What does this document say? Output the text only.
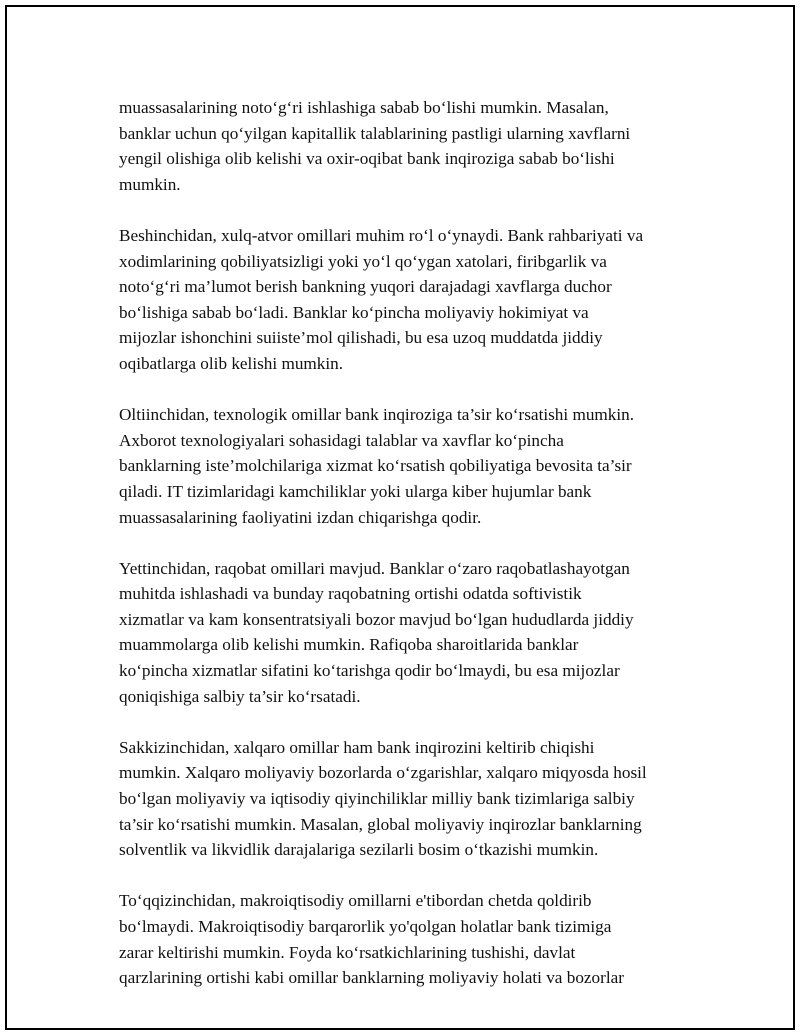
muassasalarining noto‘g‘ri ishlashiga sabab bo‘lishi mumkin. Masalan,
banklar uchun qo‘yilgan kapitallik talablarining pastligi ularning xavflarni
yengil olishiga olib kelishi va oxir-oqibat bank inqiroziga sabab bo‘lishi
mumkin.

Beshinchidan, xulq-atvor omillari muhim ro‘l o‘ynaydi. Bank rahbariyati va
xodimlarining qobiliyatsizligi yoki yo‘l qo‘ygan xatolari, firibgarlik va
noto‘g‘ri ma’lumot berish bankning yuqori darajadagi xavflarga duchor
bo‘lishiga sabab bo‘ladi. Banklar ko‘pincha moliyaviy hokimiyat va
mijozlar ishonchini suiiste’mol qilishadi, bu esa uzoq muddatda jiddiy
oqibatlarga olib kelishi mumkin.

Oltiinchidan, texnologik omillar bank inqiroziga ta’sir ko‘rsatishi mumkin.
Axborot texnologiyalari sohasidagi talablar va xavflar ko‘pincha
banklarning iste’molchilariga xizmat ko‘rsatish qobiliyatiga bevosita ta’sir
qiladi. IT tizimlaridagi kamchiliklar yoki ularga kiber hujumlar bank
muassasalarining faoliyatini izdan chiqarishga qodir.

Yettinchidan, raqobat omillari mavjud. Banklar o‘zaro raqobatlashayotgan
muhitda ishlashadi va bunday raqobatning ortishi odatda softivistik
xizmatlar va kam konsentratsiyali bozor mavjud bo‘lgan hududlarda jiddiy
muammolarga olib kelishi mumkin. Rafiqoba sharoitlarida banklar
ko‘pincha xizmatlar sifatini ko‘tarishga qodir bo‘lmaydi, bu esa mijozlar
qoniqishiga salbiy ta’sir ko‘rsatadi.

Sakkizinchidan, xalqaro omillar ham bank inqirozini keltirib chiqishi
mumkin. Xalqaro moliyaviy bozorlarda o‘zgarishlar, xalqaro miqyosda hosil
bo‘lgan moliyaviy va iqtisodiy qiyinchiliklar milliy bank tizimlariga salbiy
ta’sir ko‘rsatishi mumkin. Masalan, global moliyaviy inqirozlar banklarning
solventlik va likvidlik darajalariga sezilarli bosim o‘tkazishi mumkin.

To‘qqizinchidan, makroiqtisodiy omillarni e'tibordan chetda qoldirib
bo‘lmaydi. Makroiqtisodiy barqarorlik yo'qolgan holatlar bank tizimiga
zarar keltirishi mumkin. Foyda ko‘rsatkichlarining tushishi, davlat
qarzlarining ortishi kabi omillar banklarning moliyaviy holati va bozorlar
